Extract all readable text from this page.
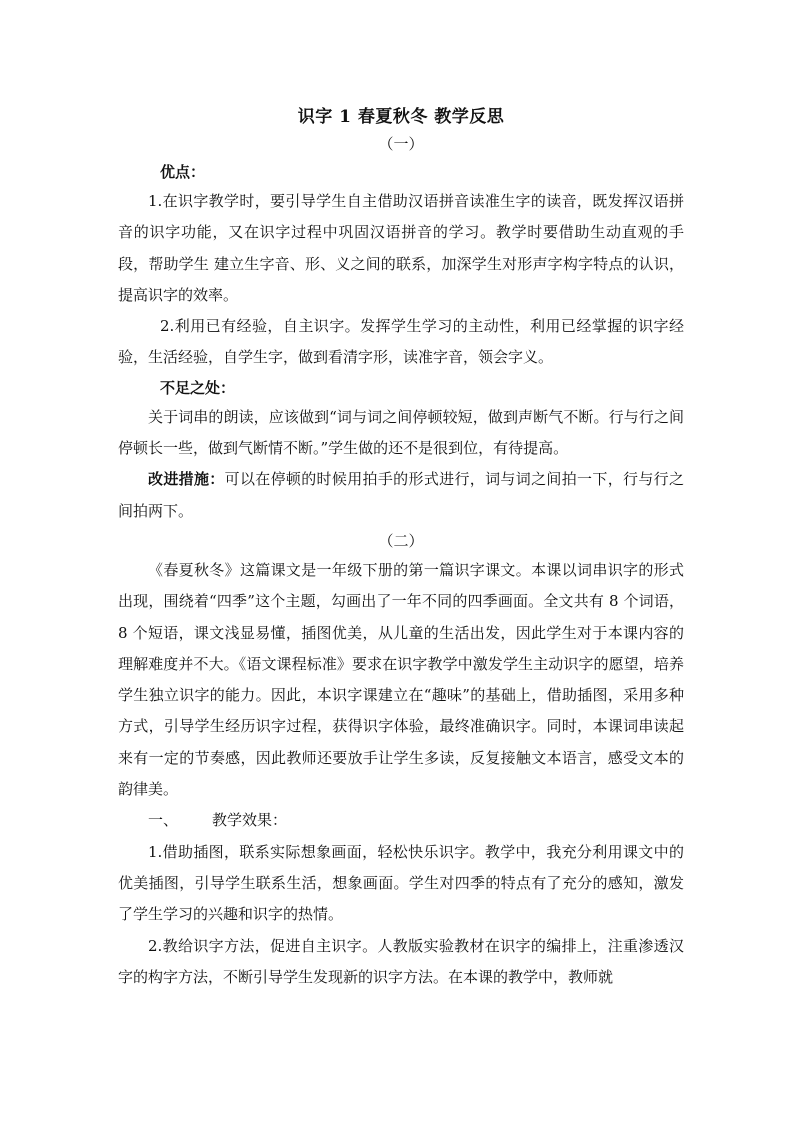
识字 1 春夏秋冬 教学反思
（一）
优点：

1.在识字教学时，要引导学生自主借助汉语拼音读准生字的读音，既发挥汉语拼音的识字功能，又在识字过程中巩固汉语拼音的学习。教学时要借助生动直观的手段，帮助学生 建立生字音、形、义之间的联系，加深学生对形声字构字特点的认识，提高识字的效率。

2.利用已有经验，自主识字。发挥学生学习的主动性，利用已经掌握的识字经验，生活经验，自学生字，做到看清字形，读准字音，领会字义。

不足之处：

关于词串的朗读，应该做到“词与词之间停顿较短，做到声断气不断。行与行之间停顿长一些，做到气断情不断。”学生做的还不是很到位，有待提高。

改进措施：可以在停顿的时候用拍手的形式进行，词与词之间拍一下，行与行之间拍两下。

（二）

《春夏秋冬》这篇课文是一年级下册的第一篇识字课文。本课以词串识字的形式出现，围绕着“四季”这个主题，勾画出了一年不同的四季画面。全文共有 8 个词语，8 个短语，课文浅显易懂，插图优美，从儿童的生活出发，因此学生对于本课内容的理解难度并不大。《语文课程标准》要求在识字教学中激发学生主动识字的愿望，培养学生独立识字的能力。因此，本识字课建立在“趣味”的基础上，借助插图，采用多种方式，引导学生经历识字过程，获得识字体验，最终准确识字。同时，本课词串读起来有一定的节奏感，因此教师还要放手让学生多读，反复接触文本语言，感受文本的韵律美。

一、 教学效果：

1.借助插图，联系实际想象画面，轻松快乐识字。教学中，我充分利用课文中的优美插图，引导学生联系生活，想象画面。学生对四季的特点有了充分的感知，激发了学生学习的兴趣和识字的热情。

2.教给识字方法，促进自主识字。人教版实验教材在识字的编排上，注重渗透汉字的构字方法，不断引导学生发现新的识字方法。在本课的教学中，教师就
